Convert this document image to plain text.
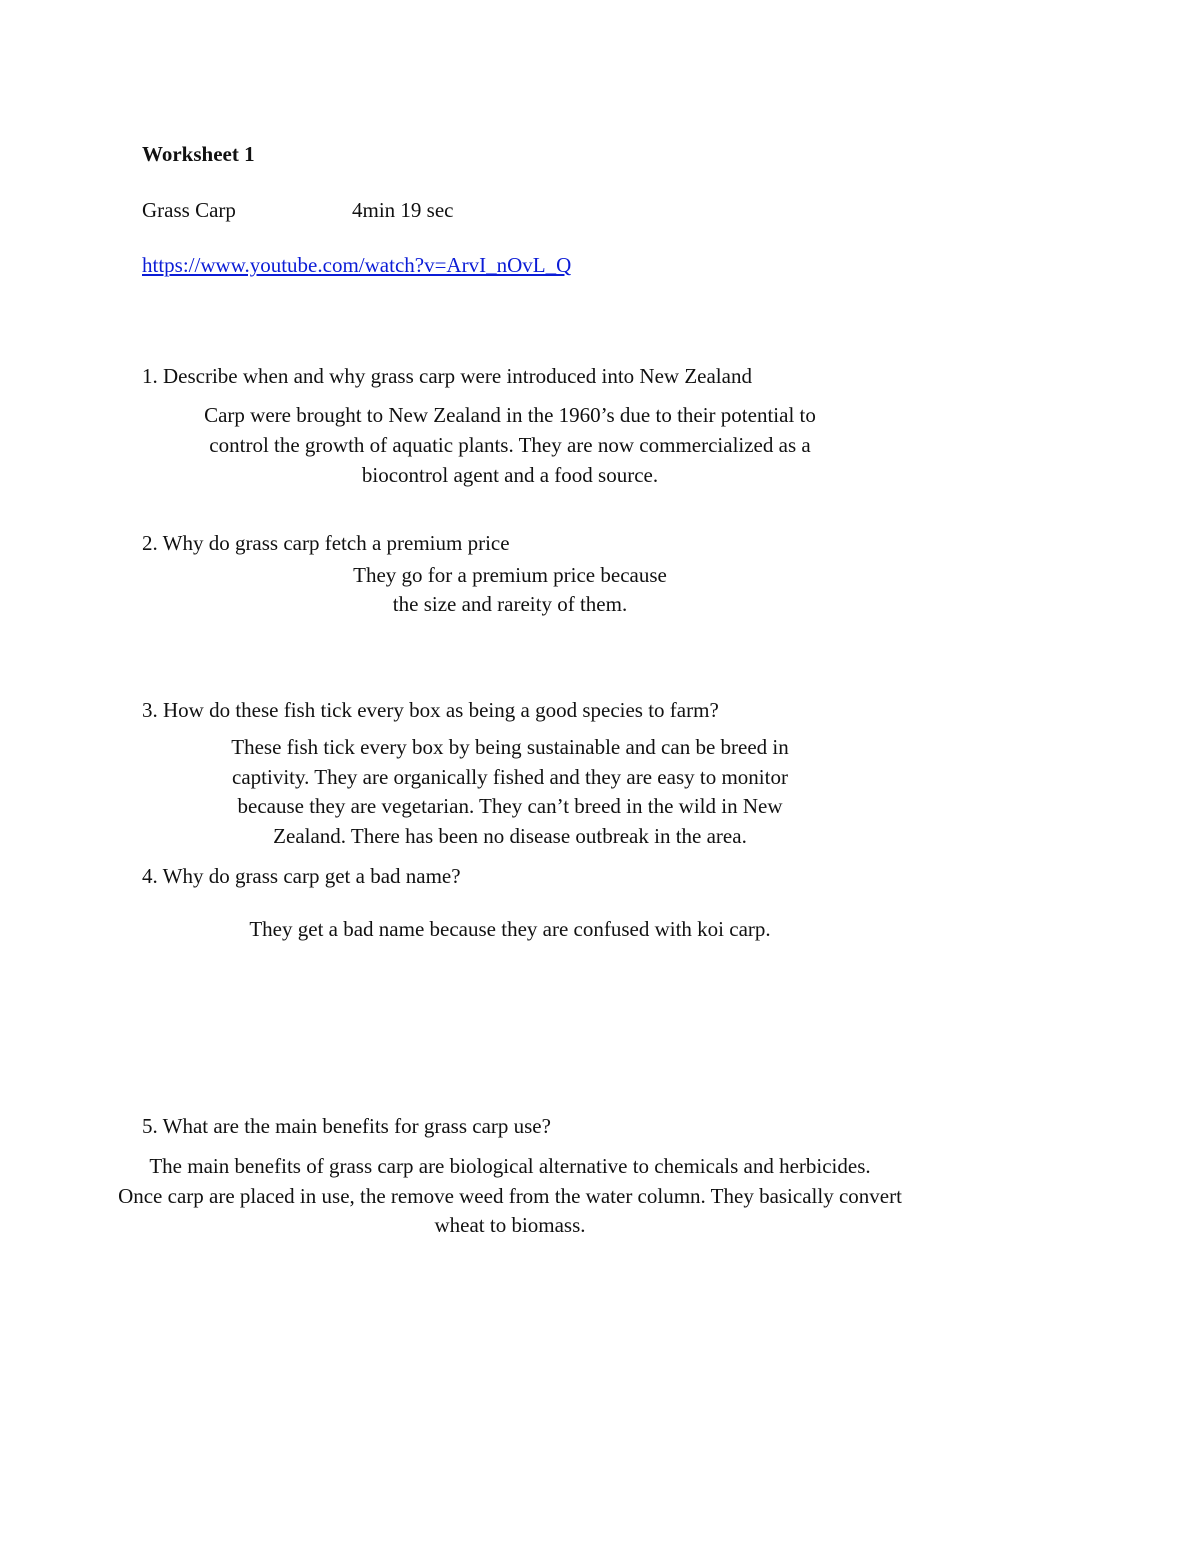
Worksheet 1
Grass Carp	4min 19 sec
https://www.youtube.com/watch?v=ArvI_nOvL_Q
1. Describe when and why grass carp were introduced into New Zealand
Carp were brought to New Zealand in the 1960’s due to their potential to
control the growth of aquatic plants. They are now commercialized as a
biocontrol agent and a food source.
2. Why do grass carp fetch a premium price
They go for a premium price because
the size and rareity of them.
3. How do these fish tick every box as being a good species to farm?
These fish tick every box by being sustainable and can be breed in
captivity. They are organically fished and they are easy to monitor
because they are vegetarian. They can’t breed in the wild in New
Zealand. There has been no disease outbreak in the area.
4. Why do grass carp get a bad name?
They get a bad name because they are confused with koi carp.
5. What are the main benefits for grass carp use?
The main benefits of grass carp are biological alternative to chemicals and herbicides.
Once carp are placed in use, the remove weed from the water column. They basically convert
wheat to biomass.
